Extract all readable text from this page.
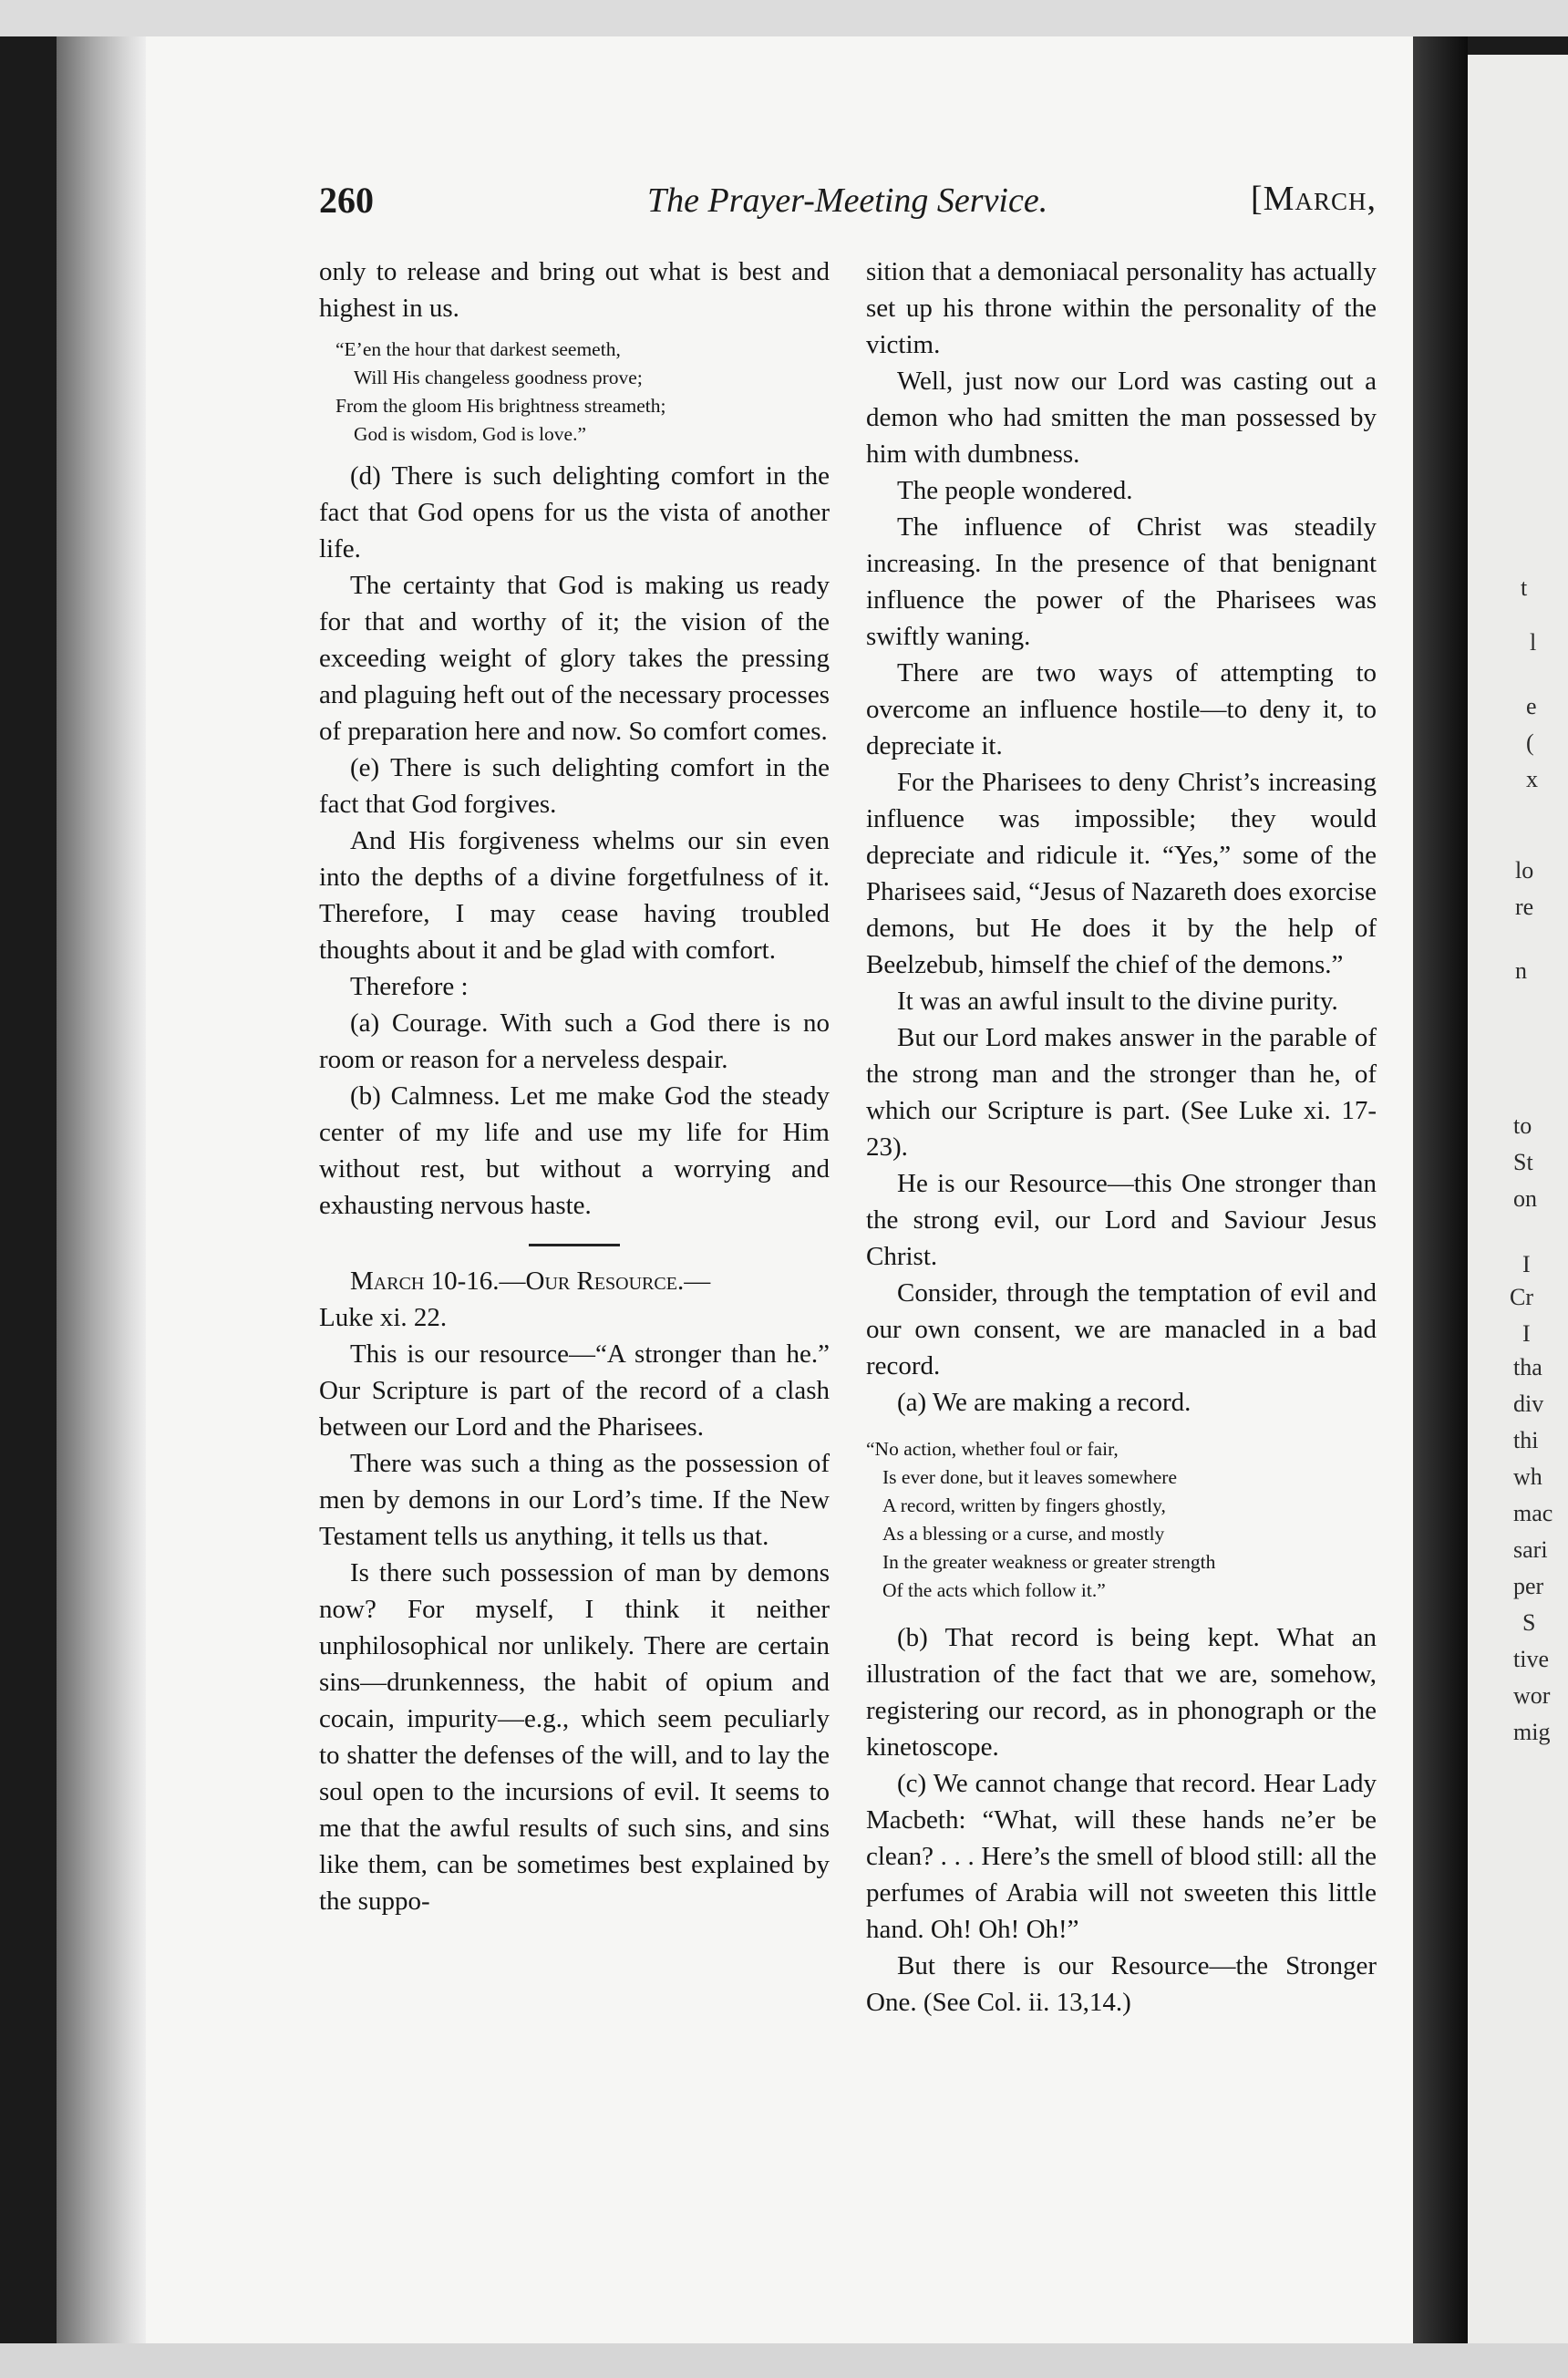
t
l
e
(
x
lo
re
n
to
St
on
I
Cr
I
tha
div
thi
wh
mac
sari
per
S
tive
wor
mig
260	The Prayer-Meeting Service.	[March,

only to release and bring out what is best and highest in us.

“E’en the hour that darkest seemeth,
Will His changeless goodness prove;
From the gloom His brightness streameth;
God is wisdom, God is love.”

(d) There is such delighting comfort in the fact that God opens for us the vista of another life.

The certainty that God is making us ready for that and worthy of it; the vision of the exceeding weight of glory takes the pressing and plaguing heft out of the necessary processes of preparation here and now. So comfort comes.

(e) There is such delighting comfort in the fact that God forgives.

And His forgiveness whelms our sin even into the depths of a divine forgetfulness of it. Therefore, I may cease having troubled thoughts about it and be glad with comfort.

Therefore :

(a) Courage. With such a God there is no room or reason for a nerveless despair.

(b) Calmness. Let me make God the steady center of my life and use my life for Him without rest, but without a worrying and exhausting nervous haste.

March 10-16.—Our Resource.—

Luke xi. 22.

This is our resource—“A stronger than he.” Our Scripture is part of the record of a clash between our Lord and the Pharisees.

There was such a thing as the possession of men by demons in our Lord’s time. If the New Testament tells us anything, it tells us that.

Is there such possession of man by demons now? For myself, I think it neither unphilosophical nor unlikely. There are certain sins—drunkenness, the habit of opium and cocain, impurity—e.g., which seem peculiarly to shatter the defenses of the will, and to lay the soul open to the incursions of evil. It seems to me that the awful results of such sins, and sins like them, can be sometimes best explained by the suppo-

sition that a demoniacal personality has actually set up his throne within the personality of the victim.

Well, just now our Lord was casting out a demon who had smitten the man possessed by him with dumbness.

The people wondered.

The influence of Christ was steadily increasing. In the presence of that benignant influence the power of the Pharisees was swiftly waning.

There are two ways of attempting to overcome an influence hostile—to deny it, to depreciate it.

For the Pharisees to deny Christ’s increasing influence was impossible; they would depreciate and ridicule it. “Yes,” some of the Pharisees said, “Jesus of Nazareth does exorcise demons, but He does it by the help of Beelzebub, himself the chief of the demons.”

It was an awful insult to the divine purity.

But our Lord makes answer in the parable of the strong man and the stronger than he, of which our Scripture is part. (See Luke xi. 17-23).

He is our Resource—this One stronger than the strong evil, our Lord and Saviour Jesus Christ.

Consider, through the temptation of evil and our own consent, we are manacled in a bad record.

(a) We are making a record.

“No action, whether foul or fair,
Is ever done, but it leaves somewhere
A record, written by fingers ghostly,
As a blessing or a curse, and mostly
In the greater weakness or greater strength
Of the acts which follow it.”

(b) That record is being kept. What an illustration of the fact that we are, somehow, registering our record, as in phonograph or the kinetoscope.

(c) We cannot change that record. Hear Lady Macbeth: “What, will these hands ne’er be clean? . . . Here’s the smell of blood still: all the perfumes of Arabia will not sweeten this little hand. Oh! Oh! Oh!”

But there is our Resource—the Stronger One. (See Col. ii. 13,14.)
